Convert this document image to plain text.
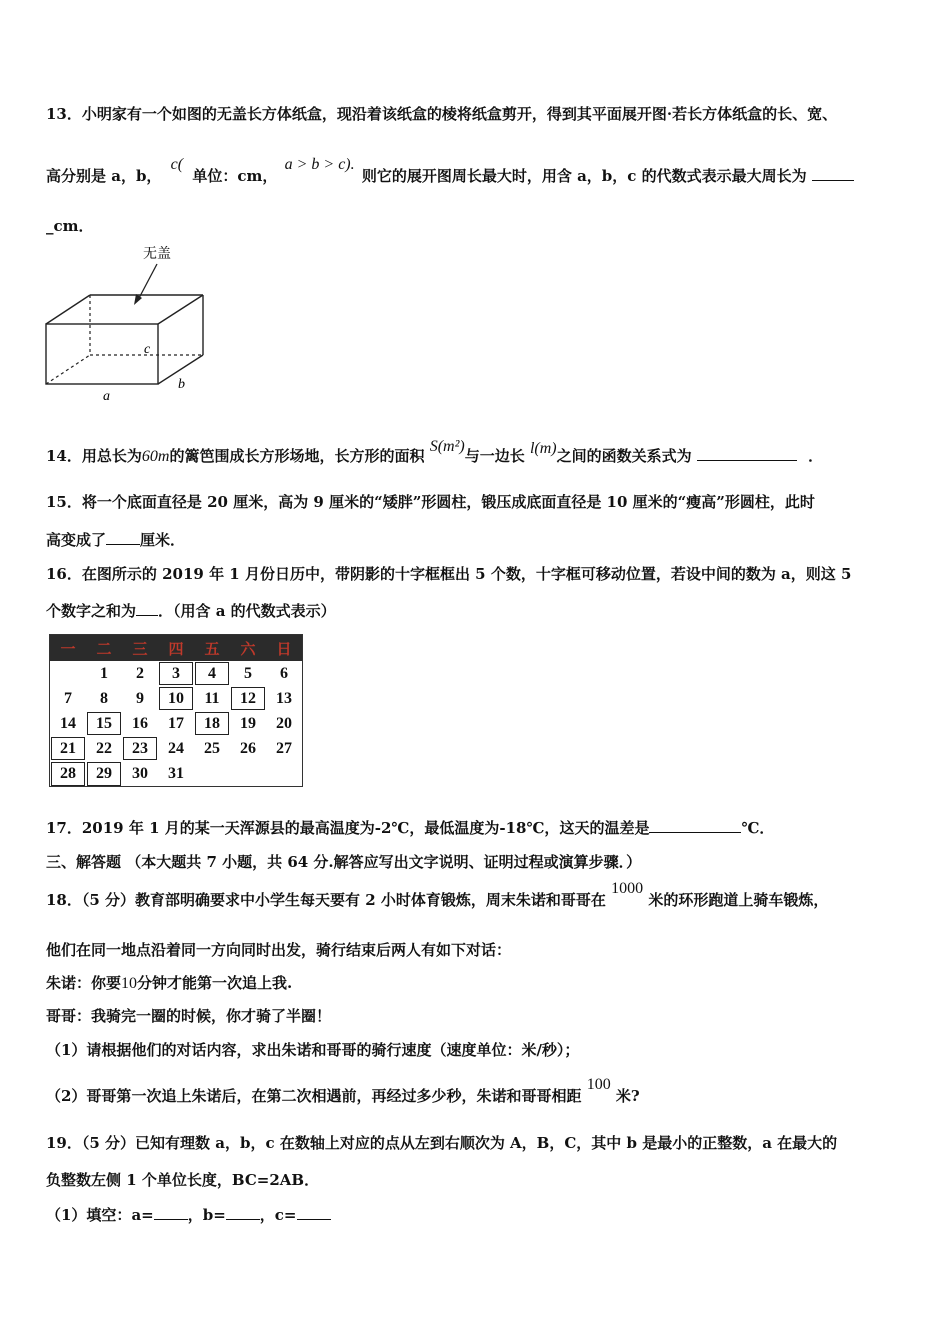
13．小明家有一个如图的无盖长方体纸盒，现沿着该纸盒的棱将纸盒剪开，得到其平面展开图·若长方体纸盒的长、宽、
高分别是 a，b， c( 单位：cm， a > b > c). 则它的展开图周长最大时，用含 a，b，c 的代数式表示最大周长为
_cm．
无盖
a
b
c
14．用总长为60m的篱笆围成长方形场地，长方形的面积 S(m²)与一边长 l(m)之间的函数关系式为	．
15．将一个底面直径是 20 厘米，高为 9 厘米的“矮胖”形圆柱，锻压成底面直径是 10 厘米的“瘦高”形圆柱，此时
高变成了 厘米．
16．在图所示的 2019 年 1 月份日历中，带阴影的十字框框出 5 个数，十字框可移动位置，若设中间的数为 a，则这 5
个数字之和为 ．（用含 a 的代数式表示）
一	二	三	四	五	六	日
	1	2	3	4	5	6
7	8	9	10	11	12	13
14	15	16	17	18	19	20
21	22	23	24	25	26	27
28	29	30	31			
17．2019 年 1 月的某一天浑源县的最高温度为-2℃，最低温度为-18℃，这天的温差是	℃．
三、解答题 （本大题共 7 小题，共 64 分.解答应写出文字说明、证明过程或演算步骤．）
18．（5 分）教育部明确要求中小学生每天要有 2 小时体育锻炼，周末朱诺和哥哥在 1000 米的环形跑道上骑车锻炼，
他们在同一地点沿着同一方向同时出发，骑行结束后两人有如下对话：
朱诺：你要10分钟才能第一次追上我.
哥哥：我骑完一圈的时候，你才骑了半圈！
（1）请根据他们的对话内容，求出朱诺和哥哥的骑行速度（速度单位：米/秒）；
（2）哥哥第一次追上朱诺后，在第二次相遇前，再经过多少秒，朱诺和哥哥相距 100 米?
19．（5 分）已知有理数 a，b，c 在数轴上对应的点从左到右顺次为 A，B，C，其中 b 是最小的正整数，a 在最大的
负整数左侧 1 个单位长度，BC=2AB．
（1）填空：a= ，b= ，c=
